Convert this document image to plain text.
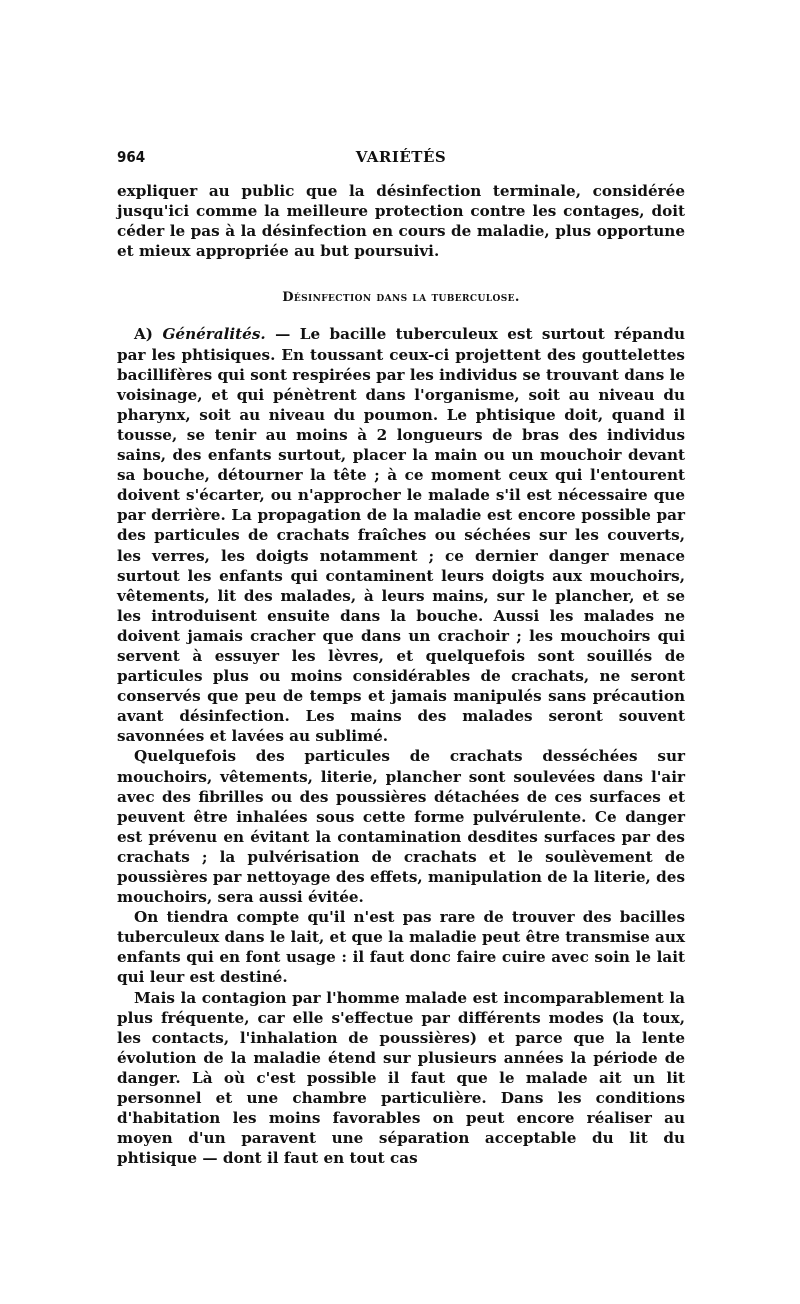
964	VARIÉTÉS

expliquer au public que la désinfection terminale, considérée jusqu'ici comme la meilleure protection contre les contages, doit céder le pas à la désinfection en cours de maladie, plus opportune et mieux appropriée au but poursuivi.

Désinfection dans la tuberculose.

A) Généralités. — Le bacille tuberculeux est surtout répandu par les phtisiques. En toussant ceux-ci projettent des gouttelettes bacillifères qui sont respirées par les individus se trouvant dans le voisinage, et qui pénètrent dans l'organisme, soit au niveau du pharynx, soit au niveau du poumon. Le phtisique doit, quand il tousse, se tenir au moins à 2 longueurs de bras des individus sains, des enfants surtout, placer la main ou un mouchoir devant sa bouche, détourner la tête ; à ce moment ceux qui l'entourent doivent s'écarter, ou n'approcher le malade s'il est nécessaire que par derrière. La propagation de la maladie est encore possible par des particules de crachats fraîches ou séchées sur les couverts, les verres, les doigts notamment ; ce dernier danger menace surtout les enfants qui contaminent leurs doigts aux mouchoirs, vêtements, lit des malades, à leurs mains, sur le plancher, et se les introduisent ensuite dans la bouche. Aussi les malades ne doivent jamais cracher que dans un crachoir ; les mouchoirs qui servent à essuyer les lèvres, et quelquefois sont souillés de particules plus ou moins considérables de crachats, ne seront conservés que peu de temps et jamais manipulés sans précaution avant désinfection. Les mains des malades seront souvent savonnées et lavées au sublimé.

Quelquefois des particules de crachats desséchées sur mouchoirs, vêtements, literie, plancher sont soulevées dans l'air avec des fibrilles ou des poussières détachées de ces surfaces et peuvent être inhalées sous cette forme pulvérulente. Ce danger est prévenu en évitant la contamination desdites surfaces par des crachats ; la pulvérisation de crachats et le soulèvement de poussières par nettoyage des effets, manipulation de la literie, des mouchoirs, sera aussi évitée.

On tiendra compte qu'il n'est pas rare de trouver des bacilles tuberculeux dans le lait, et que la maladie peut être transmise aux enfants qui en font usage : il faut donc faire cuire avec soin le lait qui leur est destiné.

Mais la contagion par l'homme malade est incomparablement la plus fréquente, car elle s'effectue par différents modes (la toux, les contacts, l'inhalation de poussières) et parce que la lente évolution de la maladie étend sur plusieurs années la période de danger. Là où c'est possible il faut que le malade ait un lit personnel et une chambre particulière. Dans les conditions d'habitation les moins favorables on peut encore réaliser au moyen d'un paravent une séparation acceptable du lit du phtisique — dont il faut en tout cas
